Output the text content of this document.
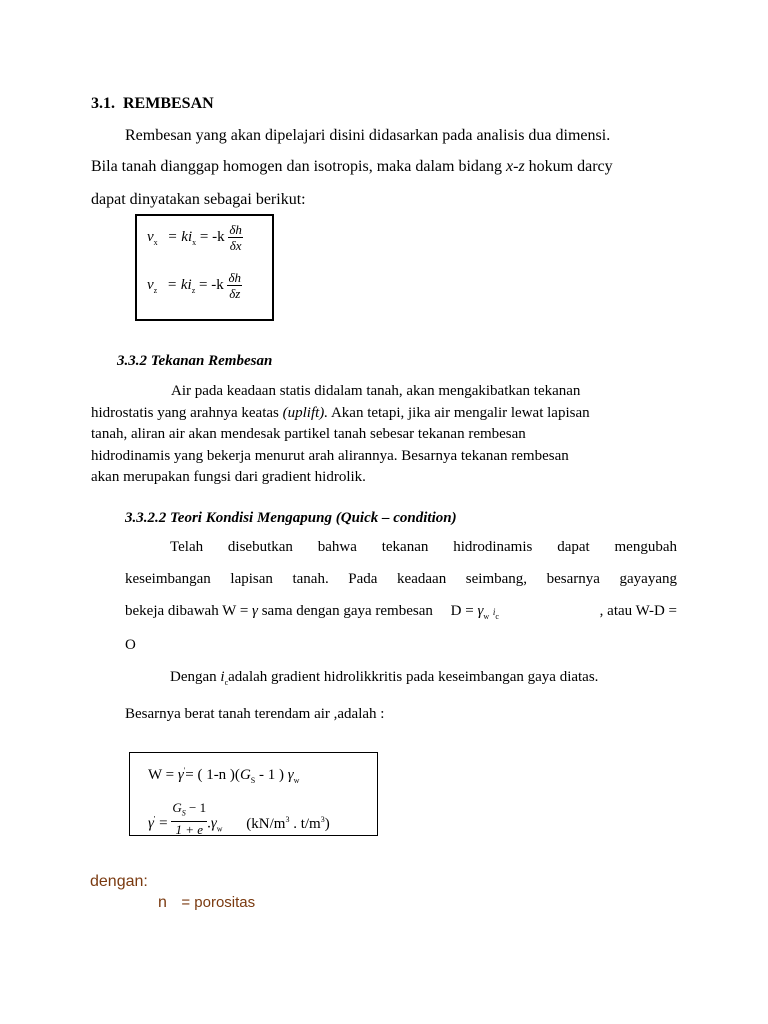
3.1. REMBESAN
Rembesan yang akan dipelajari disini didasarkan pada analisis dua dimensi.
Bila tanah dianggap homogen dan isotropis, maka dalam bidang x-z hokum darcy
dapat dinyatakan sebagai berikut:
$v_x = ki_x = -k \frac{\delta h}{\delta x}$
$v_z = ki_z = -k \frac{\delta h}{\delta z}$
3.3.2 Tekanan Rembesan
Air pada keadaan statis didalam tanah, akan mengakibatkan tekanan
hidrostatis yang arahnya keatas (uplift). Akan tetapi, jika air mengalir lewat lapisan
tanah, aliran air akan mendesak partikel tanah sebesar tekanan rembesan
hidrodinamis yang bekerja menurut arah alirannya. Besarnya tekanan rembesan
akan merupakan fungsi dari gradient hidrolik.
3.3.2.2 Teori Kondisi Mengapung (Quick – condition)
Telah disebutkan bahwa tekanan hidrodinamis dapat mengubah
keseimbangan lapisan tanah. Pada keadaan seimbang, besarnya gayayang
bekeja dibawah W = γ sama dengan gaya rembesan $D = \gamma_w$ $i_c$	, atau W-D =
O
Dengan $i_cadalah$ gradient hidrolikkritis pada keseimbangan gaya diatas.
Besarnya berat tanah terendam air ,adalah :
W = γ'= ( 1-n )($G_S - 1$ ) $\gamma_w$
$\gamma' = \frac{G_S - 1}{1 + e} .\gamma_w$ ($kN/m^3$ . $t/m^3$)
dengan:
n = porositas
